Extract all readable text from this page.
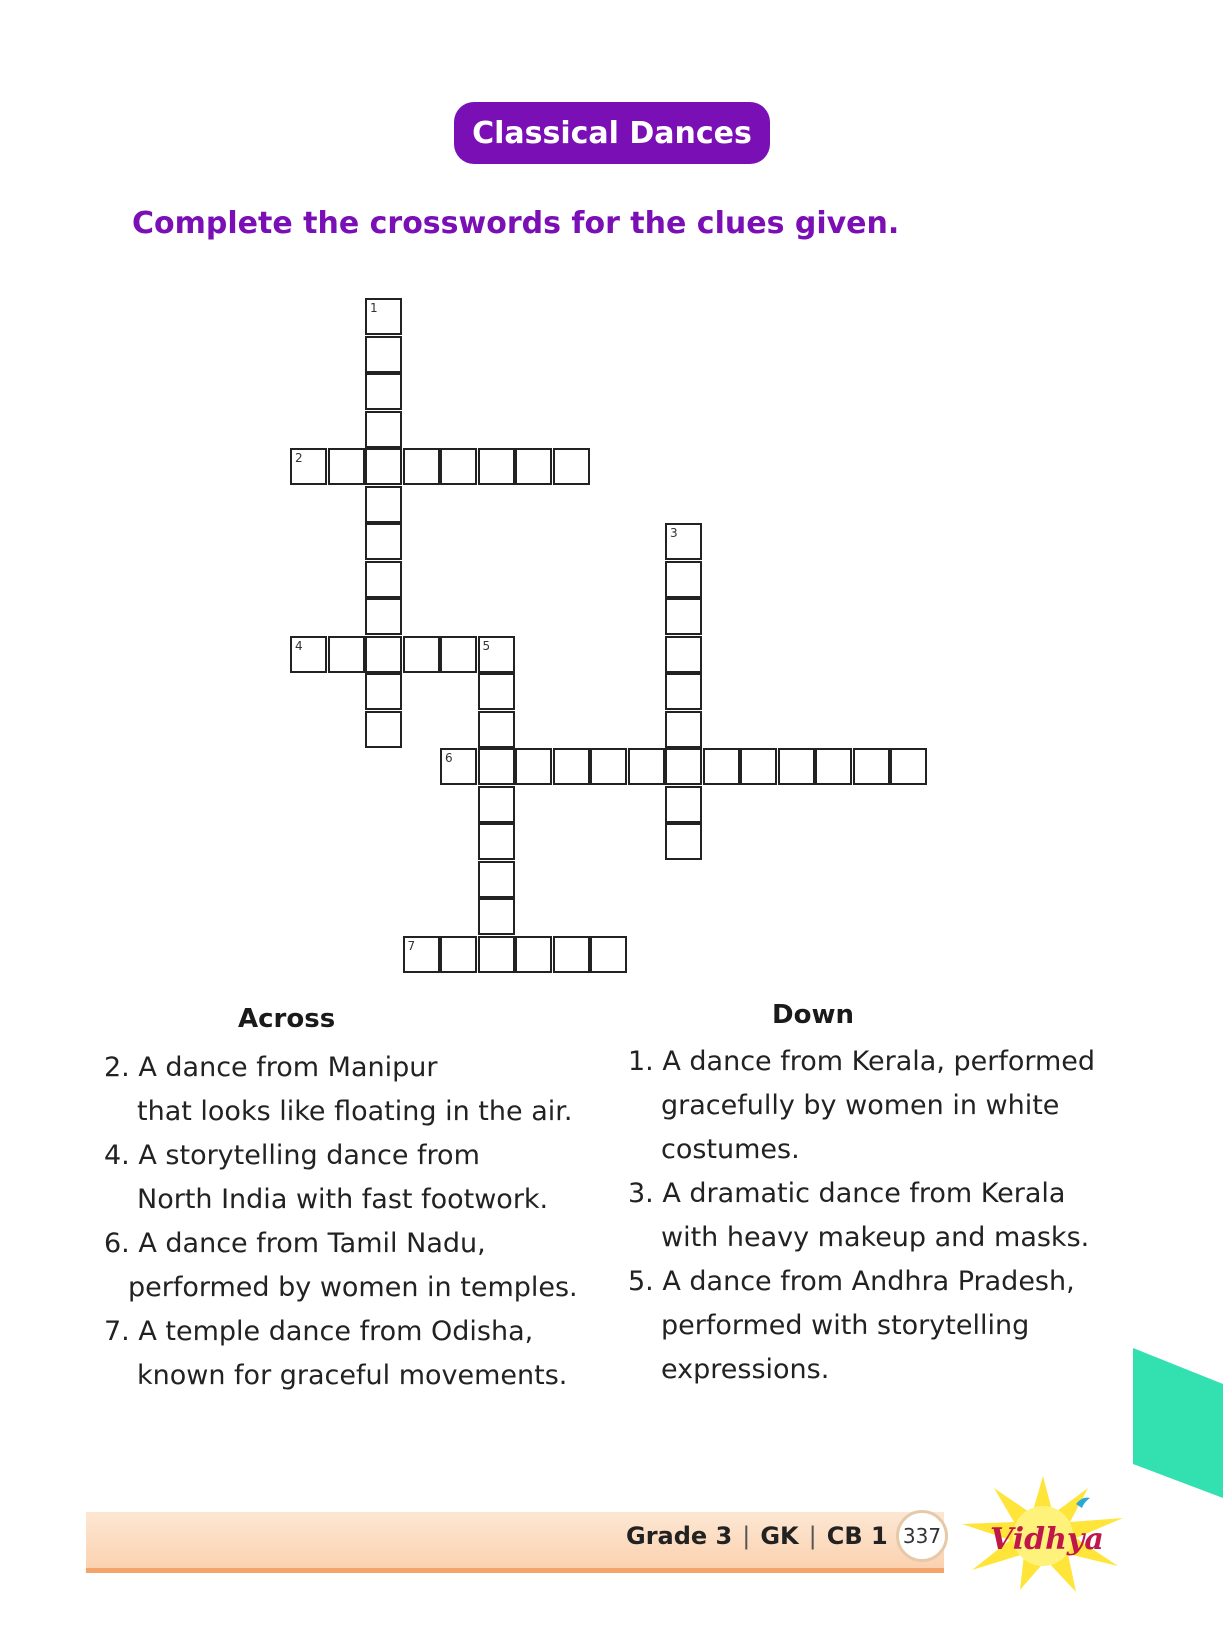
Classical Dances
Complete the crosswords for the clues given.
1
2
3
4	5
6
7
Across	Down
2. A dance from Manipur
that looks like floating in the air.
4. A storytelling dance from
North India with fast footwork.
6. A dance from Tamil Nadu,
performed by women in temples.
7. A temple dance from Odisha,
known for graceful movements.
1. A dance from Kerala, performed
gracefully by women in white
costumes.
3. A dramatic dance from Kerala
with heavy makeup and masks.
5. A dance from Andhra Pradesh,
performed with storytelling
expressions.
Grade 3 | GK | CB 1 337 Vidhya
